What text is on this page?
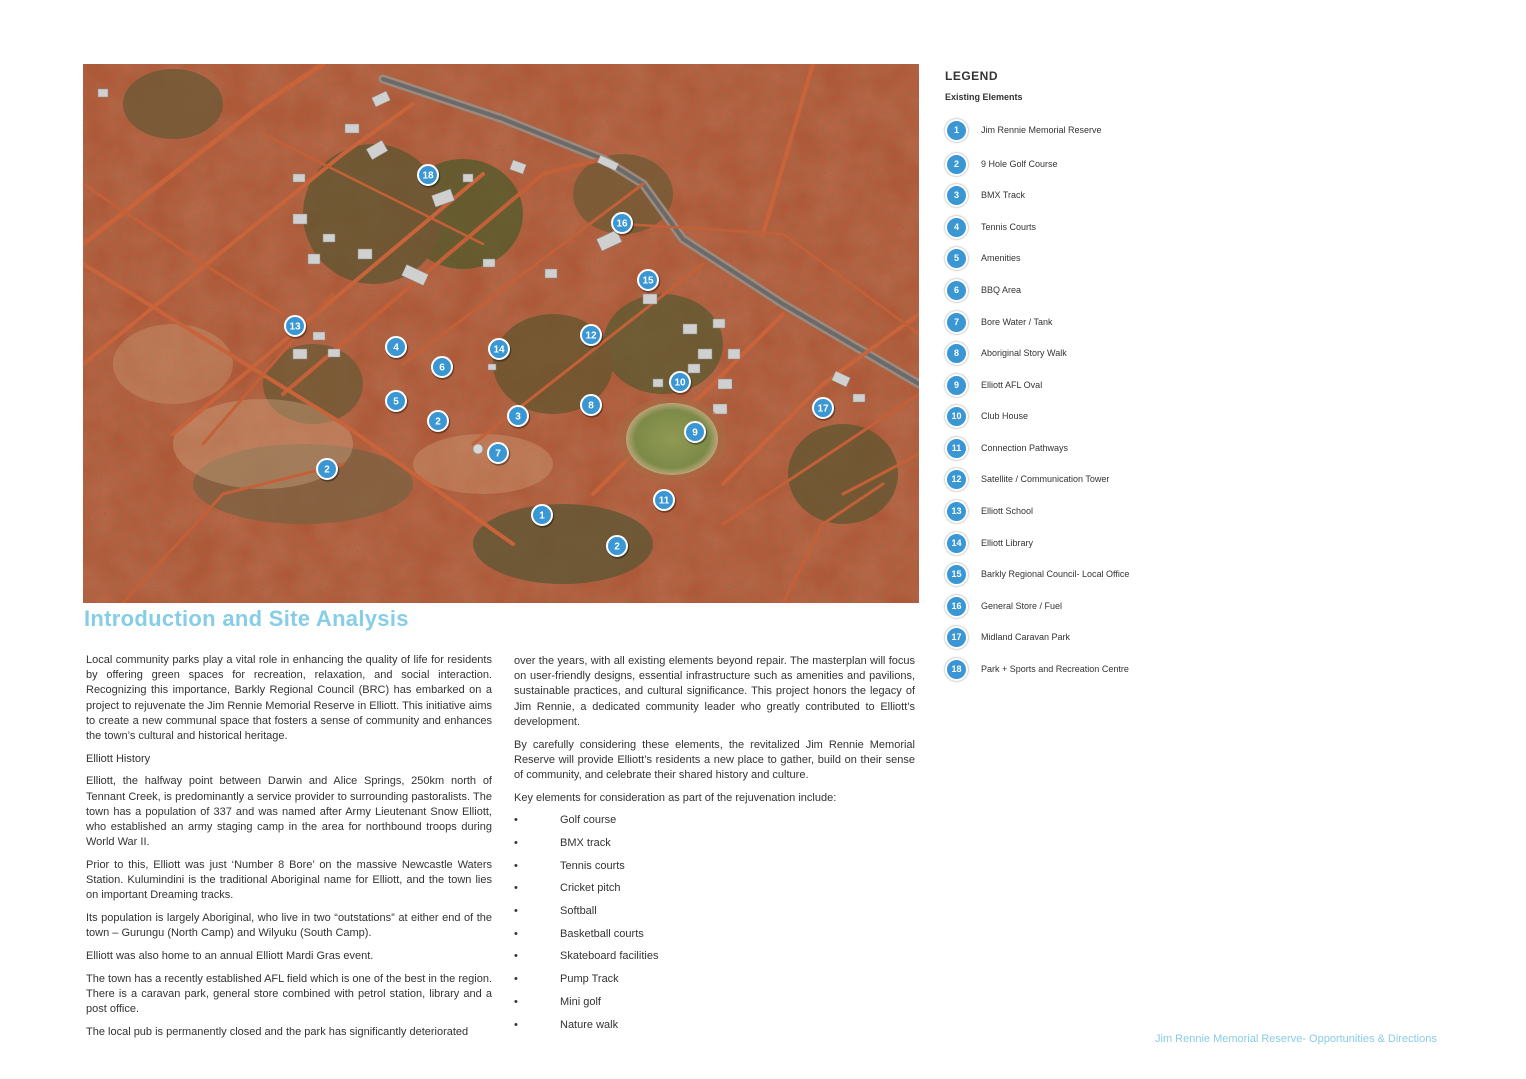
18
16
15
13
4	14
12
6
10
17
5
2	3
8
9
7
2
11
1
2
LEGEND
Existing Elements
1	Jim Rennie Memorial Reserve
2	9 Hole Golf Course
3	BMX Track
4	Tennis Courts
5	Amenities
6	BBQ Area
7	Bore Water / Tank
8	Aboriginal Story Walk
9	Elliott AFL Oval
10	Club House
11	Connection Pathways
12	Satellite / Communication Tower
13	Elliott School
14	Elliott Library
15	Barkly Regional Council- Local Office
16	General Store / Fuel
17	Midland Caravan Park
18	Park + Sports and Recreation Centre
Introduction and Site Analysis

Local community parks play a vital role in enhancing the quality of life for residents by offering green spaces for recreation, relaxation, and social interaction. Recognizing this importance, Barkly Regional Council (BRC) has embarked on a project to rejuvenate the Jim Rennie Memorial Reserve in Elliott. This initiative aims to create a new communal space that fosters a sense of community and enhances the town’s cultural and historical heritage.

Elliott History

Elliott, the halfway point between Darwin and Alice Springs, 250km north of Tennant Creek, is predominantly a service provider to surrounding pastoralists. The town has a population of 337 and was named after Army Lieutenant Snow Elliott, who established an army staging camp in the area for northbound troops during World War II.

Prior to this, Elliott was just ‘Number 8 Bore’ on the massive Newcastle Waters Station. Kulumindini is the traditional Aboriginal name for Elliott, and the town lies on important Dreaming tracks.

Its population is largely Aboriginal, who live in two “outstations” at either end of the town – Gurungu (North Camp) and Wilyuku (South Camp).

Elliott was also home to an annual Elliott Mardi Gras event.

The town has a recently established AFL field which is one of the best in the region. There is a caravan park, general store combined with petrol station, library and a post office.

The local pub is permanently closed and the park has significantly deteriorated

over the years, with all existing elements beyond repair. The masterplan will focus on user-friendly designs, essential infrastructure such as amenities and pavilions, sustainable practices, and cultural significance. This project honors the legacy of Jim Rennie, a dedicated community leader who greatly contributed to Elliott’s development.

By carefully considering these elements, the revitalized Jim Rennie Memorial Reserve will provide Elliott’s residents a new place to gather, build on their sense of community, and celebrate their shared history and culture.

Key elements for consideration as part of the rejuvenation include:

• Golf course
• BMX track
• Tennis courts
• Cricket pitch
• Softball
• Basketball courts
• Skateboard facilities
• Pump Track
• Mini golf
• Nature walk
Jim Rennie Memorial Reserve- Opportunities & Directions
